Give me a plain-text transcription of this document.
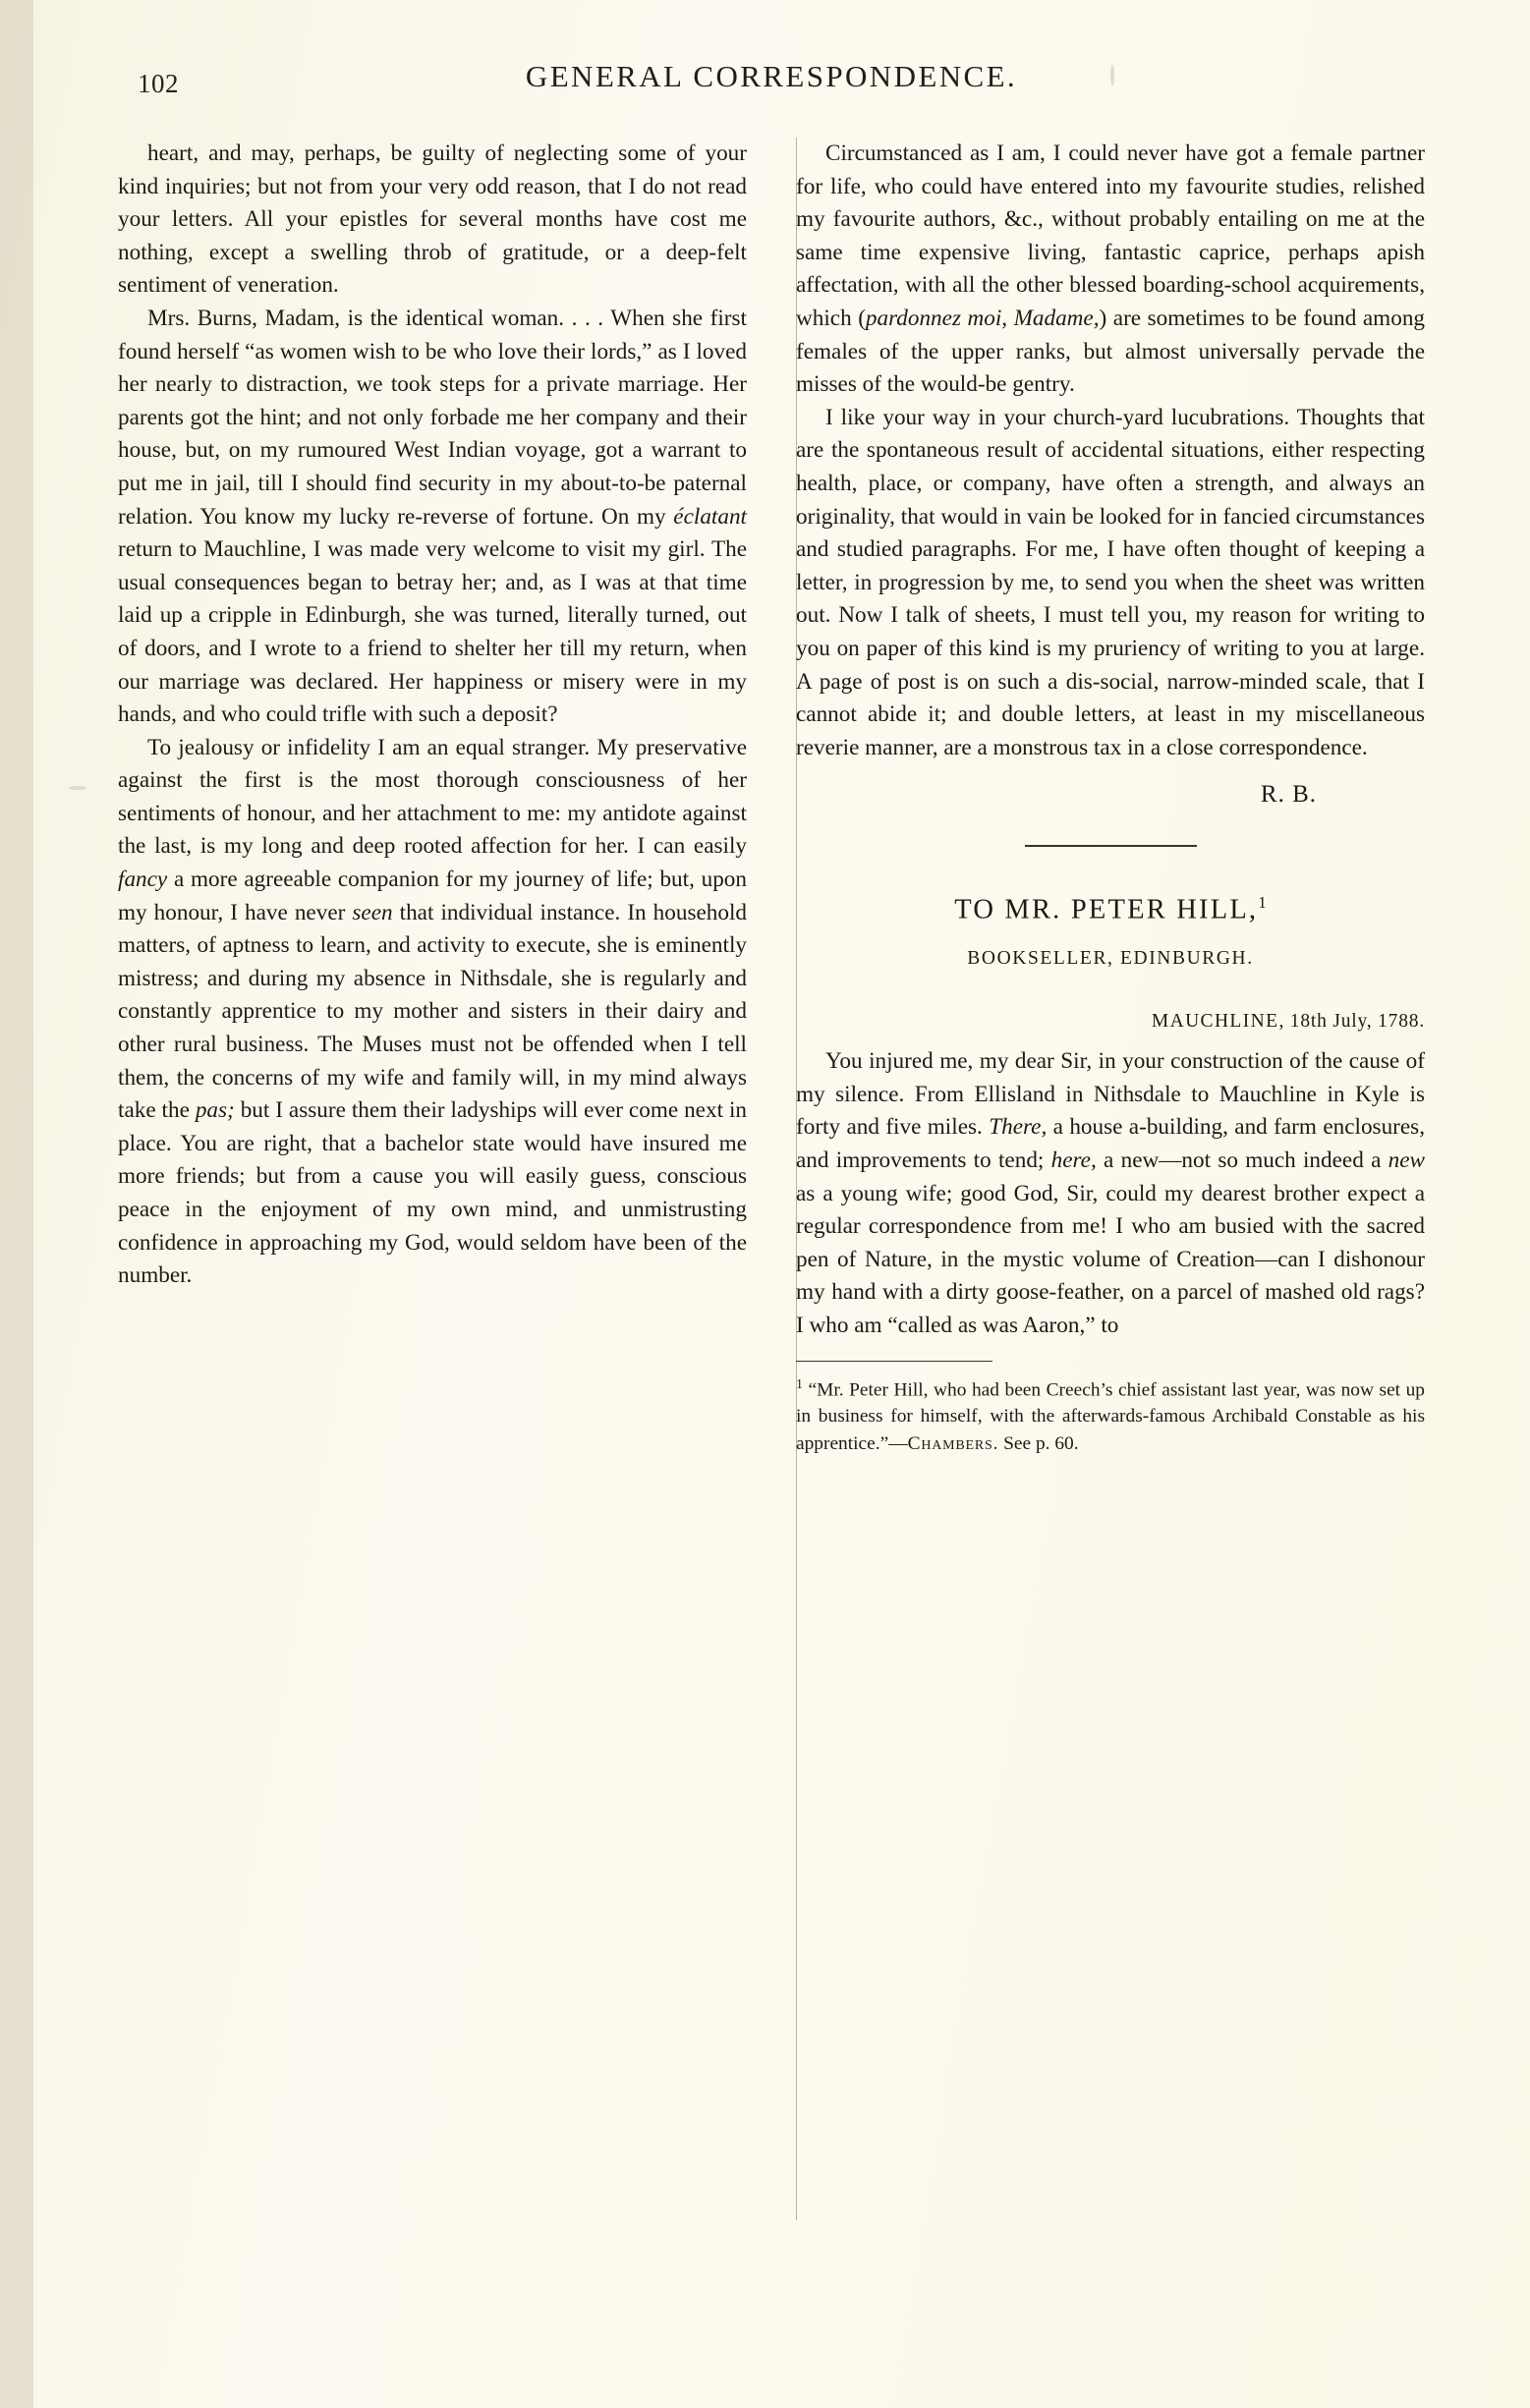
102	GENERAL CORRESPONDENCE.

heart, and may, perhaps, be guilty of neglecting some of your kind inquiries; but not from your very odd reason, that I do not read your letters. All your epistles for several months have cost me nothing, except a swelling throb of gratitude, or a deep-felt sentiment of veneration.

Mrs. Burns, Madam, is the identical woman. . . . When she first found herself “as women wish to be who love their lords,” as I loved her nearly to distraction, we took steps for a private marriage. Her parents got the hint; and not only forbade me her company and their house, but, on my rumoured West Indian voyage, got a warrant to put me in jail, till I should find security in my about-to-be paternal relation. You know my lucky re-reverse of fortune. On my éclatant return to Mauchline, I was made very welcome to visit my girl. The usual consequences began to betray her; and, as I was at that time laid up a cripple in Edinburgh, she was turned, literally turned, out of doors, and I wrote to a friend to shelter her till my return, when our marriage was declared. Her happiness or misery were in my hands, and who could trifle with such a deposit?

To jealousy or infidelity I am an equal stranger. My preservative against the first is the most thorough consciousness of her sentiments of honour, and her attachment to me: my antidote against the last, is my long and deep rooted affection for her. I can easily fancy a more agreeable companion for my journey of life; but, upon my honour, I have never seen that individual instance. In household matters, of aptness to learn, and activity to execute, she is eminently mistress; and during my absence in Nithsdale, she is regularly and constantly apprentice to my mother and sisters in their dairy and other rural business. The Muses must not be offended when I tell them, the concerns of my wife and family will, in my mind always take the pas; but I assure them their ladyships will ever come next in place. You are right, that a bachelor state would have insured me more friends; but from a cause you will easily guess, conscious peace in the enjoyment of my own mind, and unmistrusting confidence in approaching my God, would seldom have been of the number.

Circumstanced as I am, I could never have got a female partner for life, who could have entered into my favourite studies, relished my favourite authors, &c., without probably entailing on me at the same time expensive living, fantastic caprice, perhaps apish affectation, with all the other blessed boarding-school acquirements, which (pardonnez moi, Madame,) are sometimes to be found among females of the upper ranks, but almost universally pervade the misses of the would-be gentry.

I like your way in your church-yard lucubrations. Thoughts that are the spontaneous result of accidental situations, either respecting health, place, or company, have often a strength, and always an originality, that would in vain be looked for in fancied circumstances and studied paragraphs. For me, I have often thought of keeping a letter, in progression by me, to send you when the sheet was written out. Now I talk of sheets, I must tell you, my reason for writing to you on paper of this kind is my pruriency of writing to you at large. A page of post is on such a dis-social, narrow-minded scale, that I cannot abide it; and double letters, at least in my miscellaneous reverie manner, are a monstrous tax in a close correspondence.

R. B.
TO MR. PETER HILL,$^1$
BOOKSELLER, EDINBURGH.
MAUCHLINE, 18th July, 1788.

You injured me, my dear Sir, in your construction of the cause of my silence. From Ellisland in Nithsdale to Mauchline in Kyle is forty and five miles. There, a house a-building, and farm enclosures, and improvements to tend; here, a new—not so much indeed a new as a young wife; good God, Sir, could my dearest brother expect a regular correspondence from me! I who am busied with the sacred pen of Nature, in the mystic volume of Creation—can I dishonour my hand with a dirty goose-feather, on a parcel of mashed old rags? I who am “called as was Aaron,” to

$^1$ “Mr. Peter Hill, who had been Creech’s chief assistant last year, was now set up in business for himself, with the afterwards-famous Archibald Constable as his apprentice.”—Chambers. See p. 60.
